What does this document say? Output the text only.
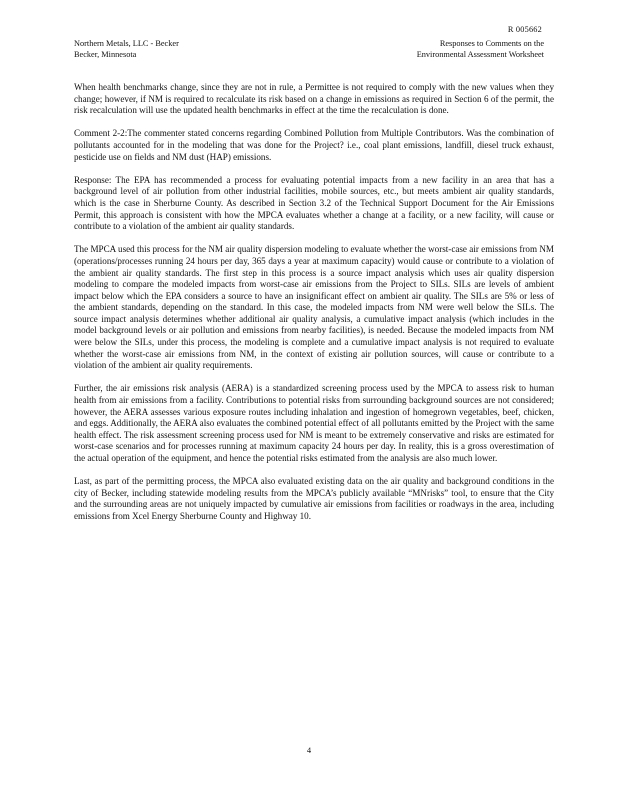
R 005662
Northern Metals, LLC - Becker
Becker, Minnesota
Responses to Comments on the
Environmental Assessment Worksheet

When health benchmarks change, since they are not in rule, a Permittee is not required to comply with the new values when they change; however, if NM is required to recalculate its risk based on a change in emissions as required in Section 6 of the permit, the risk recalculation will use the updated health benchmarks in effect at the time the recalculation is done.

Comment 2-2:The commenter stated concerns regarding Combined Pollution from Multiple Contributors. Was the combination of pollutants accounted for in the modeling that was done for the Project? i.e., coal plant emissions, landfill, diesel truck exhaust, pesticide use on fields and NM dust (HAP) emissions.

Response: The EPA has recommended a process for evaluating potential impacts from a new facility in an area that has a background level of air pollution from other industrial facilities, mobile sources, etc., but meets ambient air quality standards, which is the case in Sherburne County. As described in Section 3.2 of the Technical Support Document for the Air Emissions Permit, this approach is consistent with how the MPCA evaluates whether a change at a facility, or a new facility, will cause or contribute to a violation of the ambient air quality standards.

The MPCA used this process for the NM air quality dispersion modeling to evaluate whether the worst-case air emissions from NM (operations/processes running 24 hours per day, 365 days a year at maximum capacity) would cause or contribute to a violation of the ambient air quality standards. The first step in this process is a source impact analysis which uses air quality dispersion modeling to compare the modeled impacts from worst-case air emissions from the Project to SILs. SILs are levels of ambient impact below which the EPA considers a source to have an insignificant effect on ambient air quality. The SILs are 5% or less of the ambient standards, depending on the standard. In this case, the modeled impacts from NM were well below the SILs. The source impact analysis determines whether additional air quality analysis, a cumulative impact analysis (which includes in the model background levels or air pollution and emissions from nearby facilities), is needed. Because the modeled impacts from NM were below the SILs, under this process, the modeling is complete and a cumulative impact analysis is not required to evaluate whether the worst-case air emissions from NM, in the context of existing air pollution sources, will cause or contribute to a violation of the ambient air quality requirements.

Further, the air emissions risk analysis (AERA) is a standardized screening process used by the MPCA to assess risk to human health from air emissions from a facility. Contributions to potential risks from surrounding background sources are not considered; however, the AERA assesses various exposure routes including inhalation and ingestion of homegrown vegetables, beef, chicken, and eggs. Additionally, the AERA also evaluates the combined potential effect of all pollutants emitted by the Project with the same health effect. The risk assessment screening process used for NM is meant to be extremely conservative and risks are estimated for worst-case scenarios and for processes running at maximum capacity 24 hours per day. In reality, this is a gross overestimation of the actual operation of the equipment, and hence the potential risks estimated from the analysis are also much lower.

Last, as part of the permitting process, the MPCA also evaluated existing data on the air quality and background conditions in the city of Becker, including statewide modeling results from the MPCA’s publicly available “MNrisks” tool, to ensure that the City and the surrounding areas are not uniquely impacted by cumulative air emissions from facilities or roadways in the area, including emissions from Xcel Energy Sherburne County and Highway 10.

4
